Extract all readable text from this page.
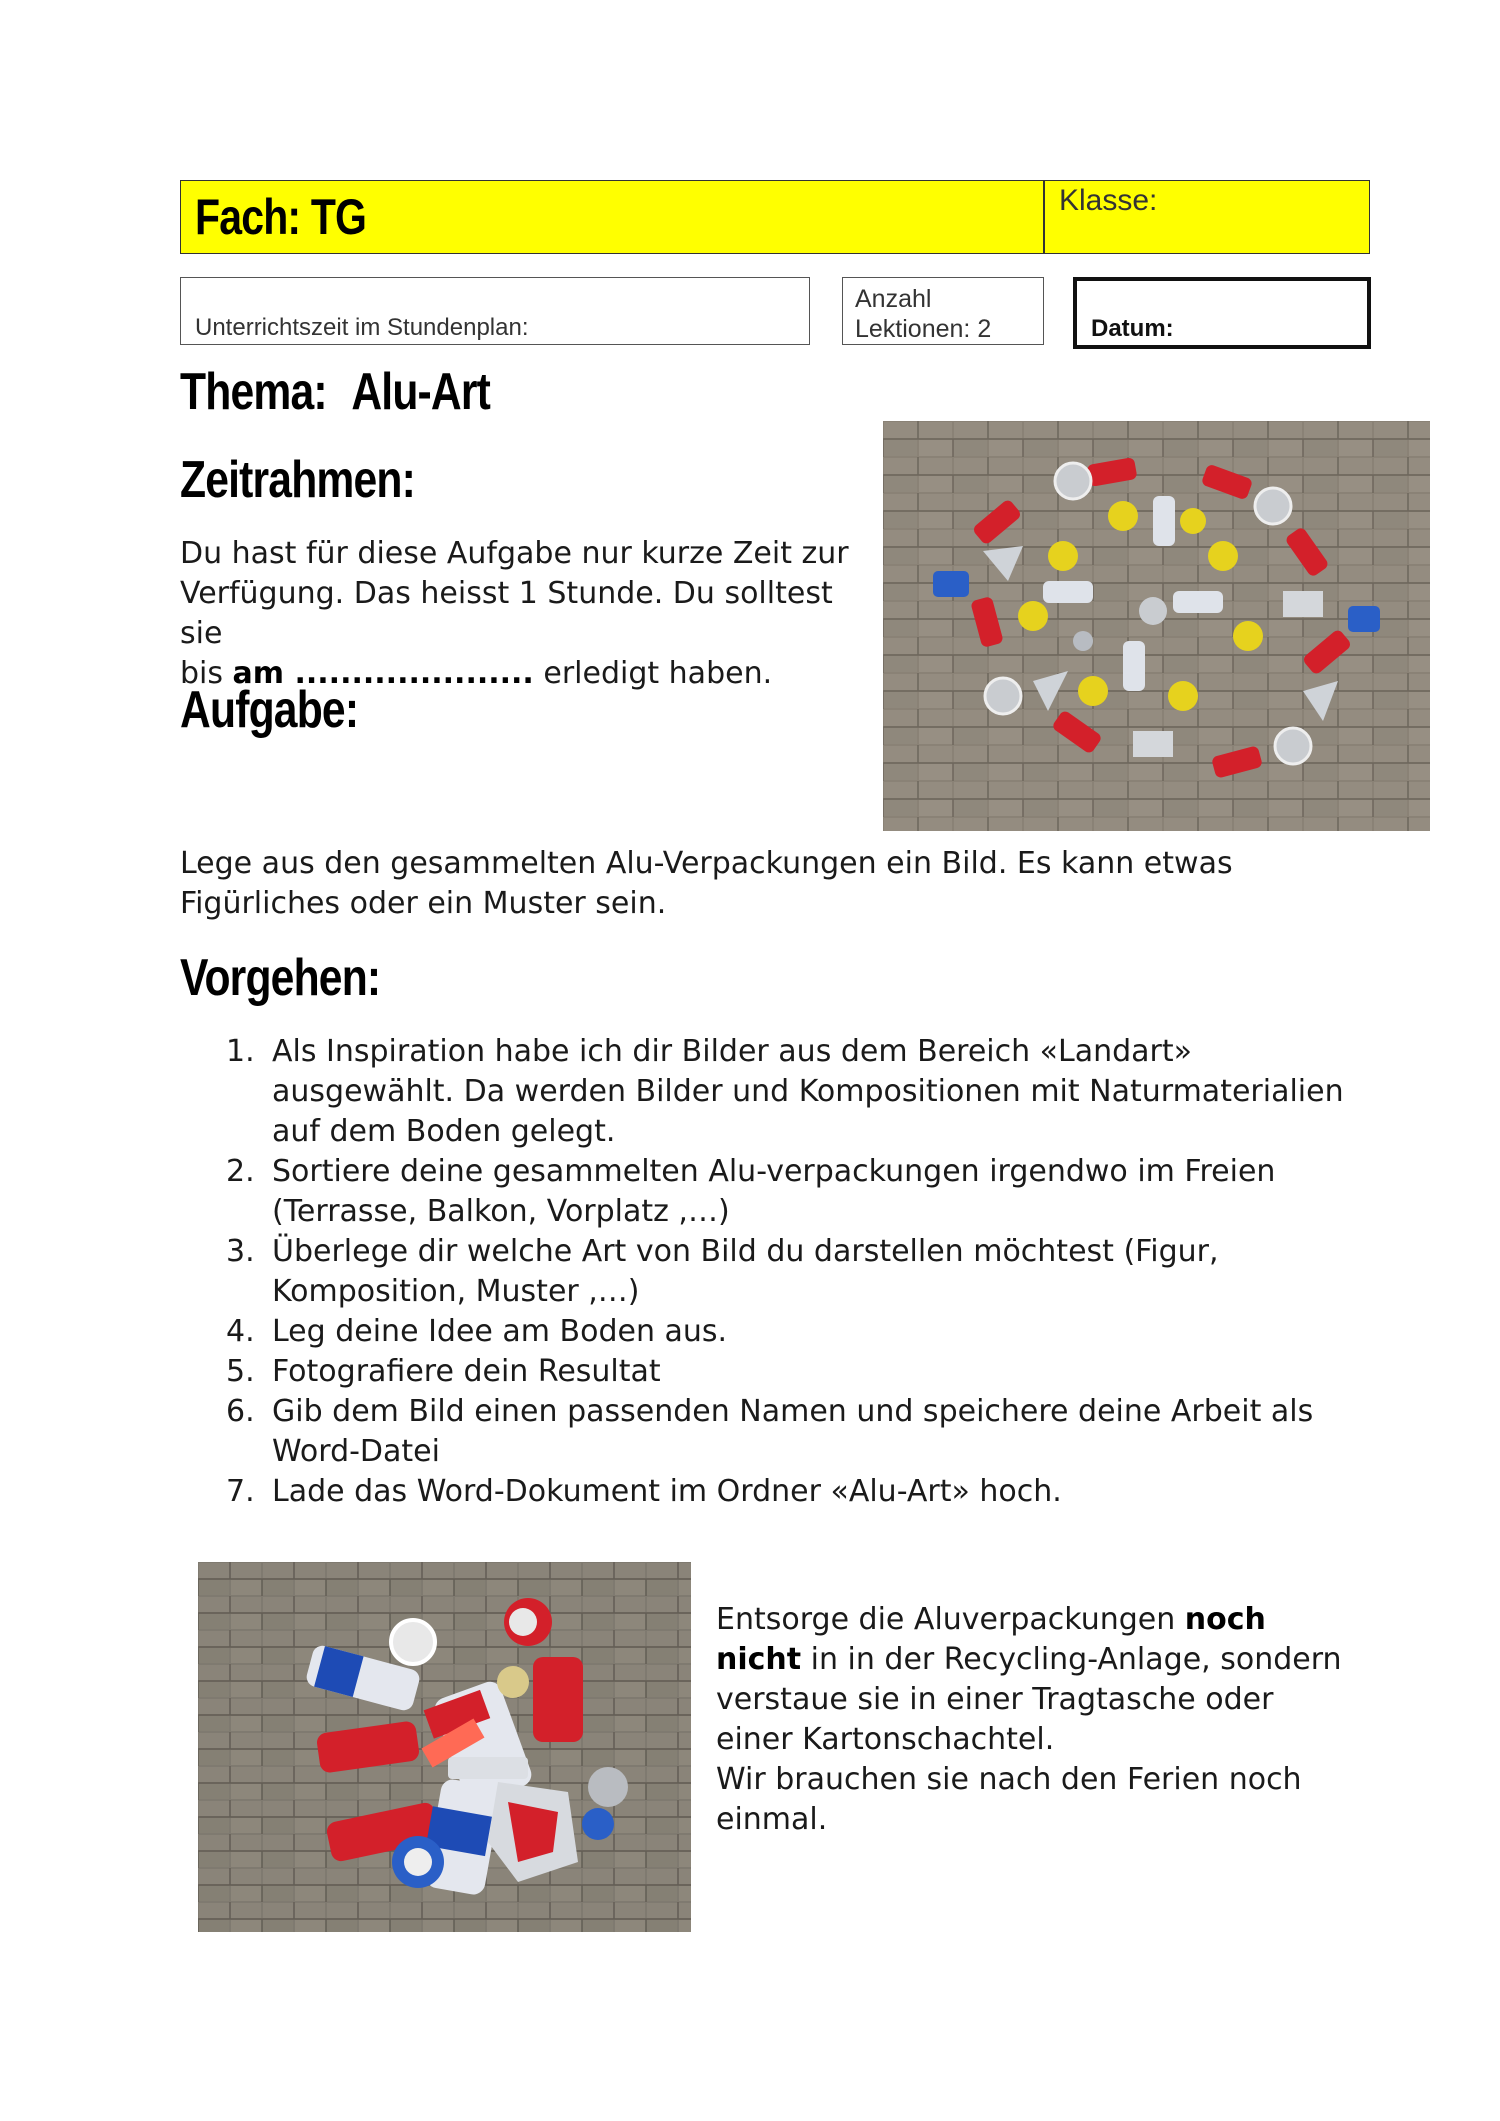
Fach: TG	Klasse:
Unterrichtszeit im Stundenplan:
Anzahl
Lektionen: 2	Datum:
Thema: Alu-Art
Zeitrahmen:
Du hast für diese Aufgabe nur kurze Zeit zur
Verfügung. Das heisst 1 Stunde. Du solltest sie
bis am ..................... erledigt haben.
Aufgabe:
Lege aus den gesammelten Alu-Verpackungen ein Bild. Es kann etwas
Figürliches oder ein Muster sein.
Vorgehen:
1. Als Inspiration habe ich dir Bilder aus dem Bereich «Landart»
ausgewählt. Da werden Bilder und Kompositionen mit Naturmaterialien
auf dem Boden gelegt.
2. Sortiere deine gesammelten Alu-verpackungen irgendwo im Freien
(Terrasse, Balkon, Vorplatz ,…)
3. Überlege dir welche Art von Bild du darstellen möchtest (Figur,
Komposition, Muster ,…)
4. Leg deine Idee am Boden aus.
5. Fotografiere dein Resultat
6. Gib dem Bild einen passenden Namen und speichere deine Arbeit als
Word-Datei
7. Lade das Word-Dokument im Ordner «Alu-Art» hoch.
Entsorge die Aluverpackungen noch
nicht in in der Recycling-Anlage, sondern
verstaue sie in einer Tragtasche oder
einer Kartonschachtel.
Wir brauchen sie nach den Ferien noch
einmal.
